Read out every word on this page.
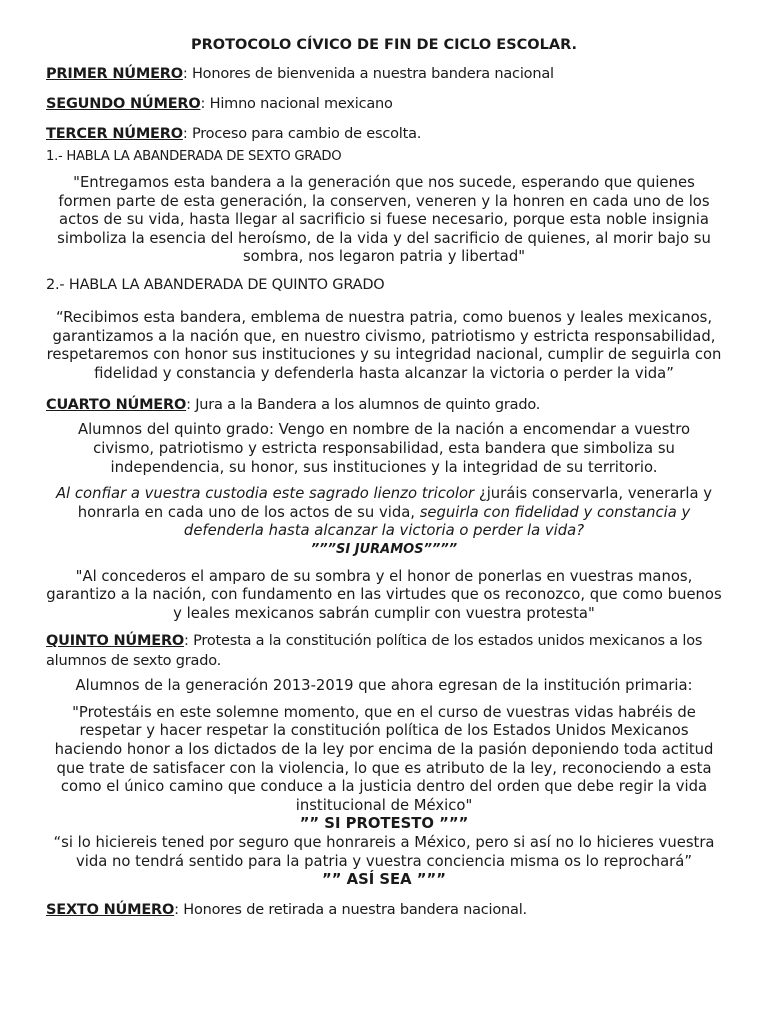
PROTOCOLO CÍVICO DE FIN DE CICLO ESCOLAR.
PRIMER NÚMERO: Honores de bienvenida a nuestra bandera nacional
SEGUNDO NÚMERO: Himno nacional mexicano
TERCER NÚMERO: Proceso para cambio de escolta.
1.- HABLA LA ABANDERADA DE SEXTO GRADO
"Entregamos esta bandera a la generación que nos sucede, esperando que quienes formen parte de esta generación, la conserven, veneren y la honren en cada uno de los actos de su vida, hasta llegar al sacrificio si fuese necesario, porque esta noble insignia simboliza la esencia del heroísmo, de la vida y del sacrificio de quienes, al morir bajo su sombra, nos legaron patria y libertad"
2.- HABLA LA ABANDERADA DE QUINTO GRADO
“Recibimos esta bandera, emblema de nuestra patria, como buenos y leales mexicanos, garantizamos a la nación que, en nuestro civismo, patriotismo y estricta responsabilidad, respetaremos con honor sus instituciones y su integridad nacional, cumplir de seguirla con fidelidad y constancia y defenderla hasta alcanzar la victoria o perder la vida”
CUARTO NÚMERO: Jura a la Bandera a los alumnos de quinto grado.
Alumnos del quinto grado: Vengo en nombre de la nación a encomendar a vuestro civismo, patriotismo y estricta responsabilidad, esta bandera que simboliza su independencia, su honor, sus instituciones y la integridad de su territorio.
Al confiar a vuestra custodia este sagrado lienzo tricolor ¿juráis conservarla, venerarla y honrarla en cada uno de los actos de su vida, seguirla con fidelidad y constancia y defenderla hasta alcanzar la victoria o perder la vida?
”””SI JURAMOS””””
"Al concederos el amparo de su sombra y el honor de ponerlas en vuestras manos, garantizo a la nación, con fundamento en las virtudes que os reconozco, que como buenos y leales mexicanos sabrán cumplir con vuestra protesta"
QUINTO NÚMERO: Protesta a la constitución política de los estados unidos mexicanos a los alumnos de sexto grado.
Alumnos de la generación 2013-2019 que ahora egresan de la institución primaria:
"Protestáis en este solemne momento, que en el curso de vuestras vidas habréis de respetar y hacer respetar la constitución política de los Estados Unidos Mexicanos haciendo honor a los dictados de la ley por encima de la pasión deponiendo toda actitud que trate de satisfacer con la violencia, lo que es atributo de la ley, reconociendo a esta como el único camino que conduce a la justicia dentro del orden que debe regir la vida institucional de México"
”” SI PROTESTO ”””
“si lo hiciereis tened por seguro que honrareis a México, pero si así no lo hicieres vuestra vida no tendrá sentido para la patria y vuestra conciencia misma os lo reprochará”
”” ASÍ SEA ”””
SEXTO NÚMERO: Honores de retirada a nuestra bandera nacional.
